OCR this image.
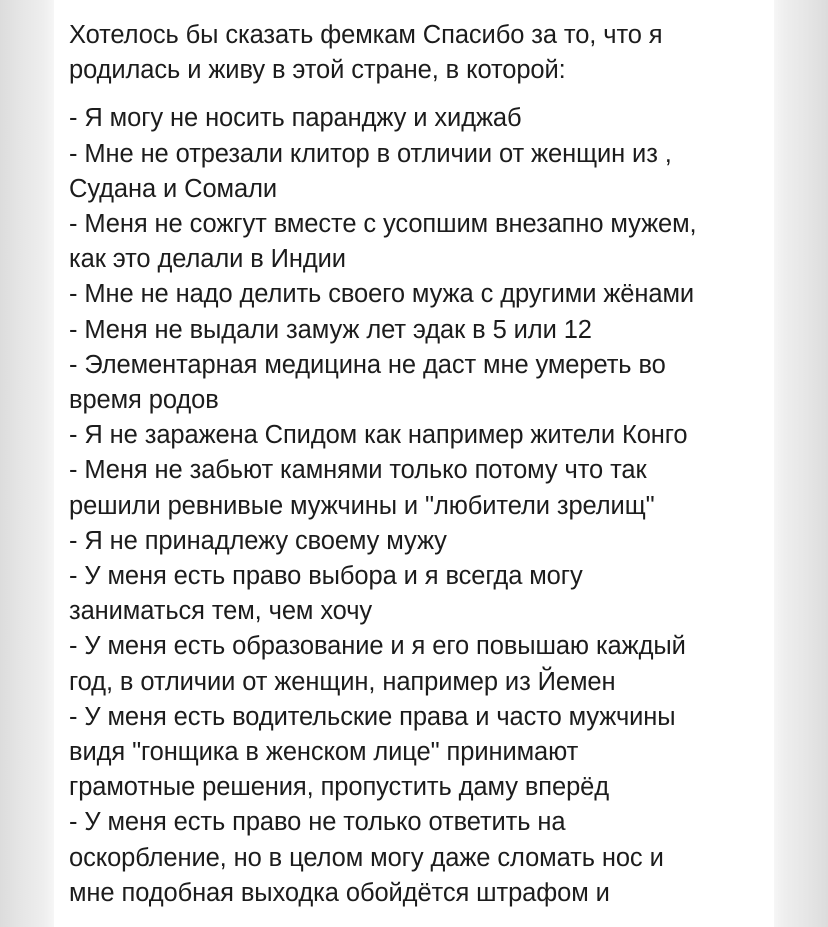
Хотелось бы сказать фемкам Спасибо за то, что я
родилась и живу в этой стране, в которой:

- Я могу не носить паранджу и хиджаб
- Мне не отрезали клитор в отличии от женщин из ,
Судана и Сомали
- Меня не сожгут вместе с усопшим внезапно мужем,
как это делали в Индии
- Мне не надо делить своего мужа с другими жёнами
- Меня не выдали замуж лет эдак в 5 или 12
- Элементарная медицина не даст мне умереть во
время родов
- Я не заражена Спидом как например жители Конго
- Меня не забьют камнями только потому что так
решили ревнивые мужчины и "любители зрелищ"
- Я не принадлежу своему мужу
- У меня есть право выбора и я всегда могу
заниматься тем, чем хочу
- У меня есть образование и я его повышаю каждый
год, в отличии от женщин, например из Йемен
- У меня есть водительские права и часто мужчины
видя "гонщика в женском лице" принимают
грамотные решения, пропустить даму вперёд
- У меня есть право не только ответить на
оскорбление, но в целом могу даже сломать нос и
мне подобная выходка обойдётся штрафом и
